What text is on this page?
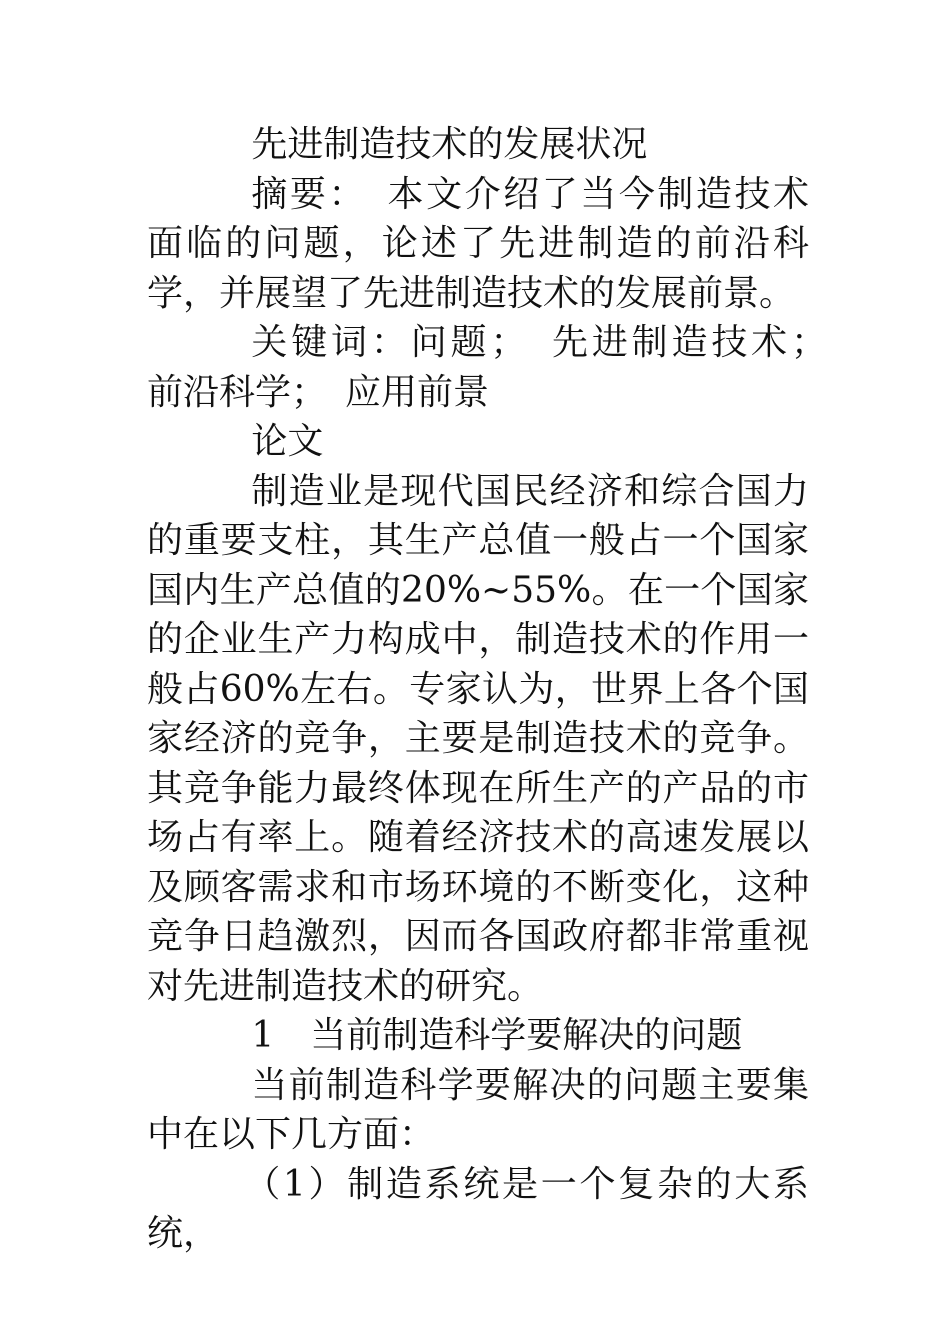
先进制造技术的发展状况

摘要：　本文介绍了当今制造技术面临的问题，论述了先进制造的前沿科学，并展望了先进制造技术的发展前景。

关键词：问题；　先进制造技术；　前沿科学；　应用前景

论文

制造业是现代国民经济和综合国力的重要支柱，其生产总值一般占一个国家国内生产总值的20%~55%。在一个国家的企业生产力构成中，制造技术的作用一般占60%左右。专家认为，世界上各个国家经济的竞争，主要是制造技术的竞争。其竞争能力最终体现在所生产的产品的市场占有率上。随着经济技术的高速发展以及顾客需求和市场环境的不断变化，这种竞争日趋激烈，因而各国政府都非常重视对先进制造技术的研究。

1　当前制造科学要解决的问题

当前制造科学要解决的问题主要集中在以下几方面：

（1）制造系统是一个复杂的大系统，
